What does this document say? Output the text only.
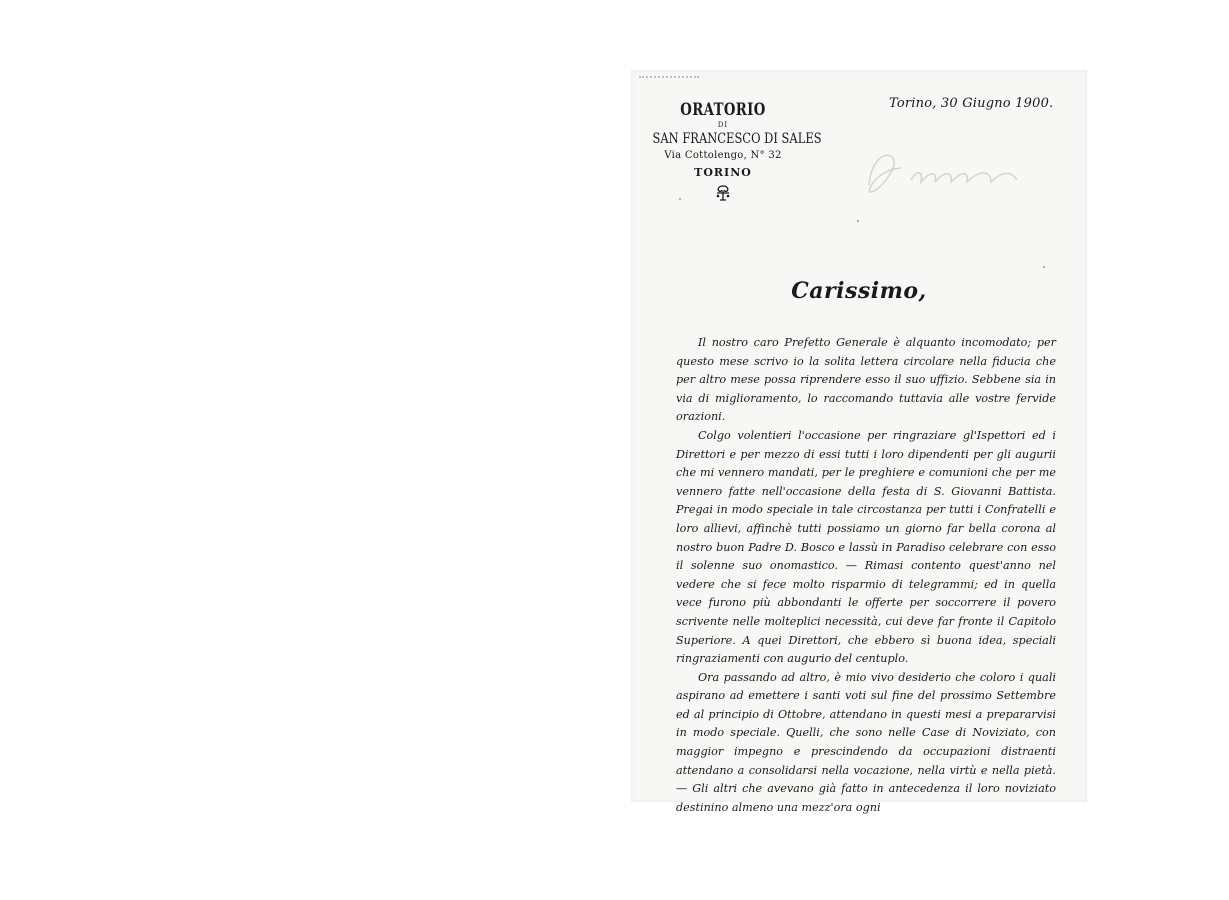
ORATORIO
DI
SAN FRANCESCO DI SALES
Via Cottolengo, N° 32
TORINO
Torino, 30 Giugno 1900.
Carissimo,

Il nostro caro Prefetto Generale è alquanto incomodato; per questo mese scrivo io la solita lettera circolare nella fiducia che per altro mese possa riprendere esso il suo uffizio. Sebbene sia in via di miglioramento, lo raccomando tuttavia alle vostre fervide orazioni.

Colgo volentieri l'occasione per ringraziare gl'Ispettori ed i Direttori e per mezzo di essi tutti i loro dipendenti per gli augurii che mi vennero mandati, per le preghiere e comunioni che per me vennero fatte nell'occasione della festa di S. Giovanni Battista. Pregai in modo speciale in tale circostanza per tutti i Confratelli e loro allievi, affinchè tutti possiamo un giorno far bella corona al nostro buon Padre D. Bosco e lassù in Paradiso celebrare con esso il solenne suo onomastico. — Rimasi contento quest'anno nel vedere che si fece molto risparmio di telegrammi; ed in quella vece furono più abbondanti le offerte per soccorrere il povero scrivente nelle molteplici necessità, cui deve far fronte il Capitolo Superiore. A quei Direttori, che ebbero sì buona idea, speciali ringraziamenti con augurio del centuplo.

Ora passando ad altro, è mio vivo desiderio che coloro i quali aspirano ad emettere i santi voti sul fine del prossimo Settembre ed al principio di Ottobre, attendano in questi mesi a prepararvisi in modo speciale. Quelli, che sono nelle Case di Noviziato, con maggior impegno e prescindendo da occupazioni distraenti attendano a consolidarsi nella vocazione, nella virtù e nella pietà. — Gli altri che avevano già fatto in antecedenza il loro noviziato destinino almeno una mezz'ora ogni
